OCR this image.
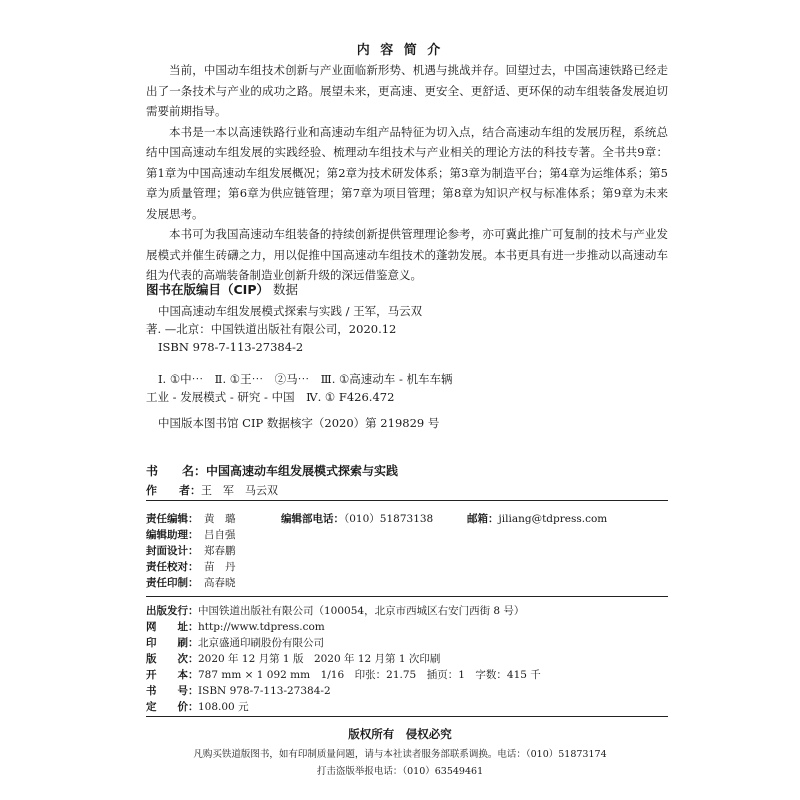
内 容 简 介

当前，中国动车组技术创新与产业面临新形势、机遇与挑战并存。回望过去，中国高速铁路已经走出了一条技术与产业的成功之路。展望未来，更高速、更安全、更舒适、更环保的动车组装备发展迫切需要前期指导。

本书是一本以高速铁路行业和高速动车组产品特征为切入点，结合高速动车组的发展历程，系统总结中国高速动车组发展的实践经验、梳理动车组技术与产业相关的理论方法的科技专著。全书共9章：第1章为中国高速动车组发展概况；第2章为技术研发体系；第3章为制造平台；第4章为运维体系；第5章为质量管理；第6章为供应链管理；第7章为项目管理；第8章为知识产权与标准体系；第9章为未来发展思考。

本书可为我国高速动车组装备的持续创新提供管理理论参考，亦可冀此推广可复制的技术与产业发展模式并催生砖礴之力，用以促推中国高速动车组技术的蓬勃发展。本书更具有进一步推动以高速动车组为代表的高端装备制造业创新升级的深远借鉴意义。

图书在版编目（CIP） 数据
中国高速动车组发展模式探索与实践 / 王军，马云双
著. —北京：中国铁道出版社有限公司，2020.12
ISBN 978-7-113-27384-2
Ⅰ. ①中⋯　Ⅱ. ①王⋯　②马⋯　Ⅲ. ①高速动车 - 机车车辆
工业 - 发展模式 - 研究 - 中国　Ⅳ. ① F426.472
中国版本图书馆 CIP 数据核字（2020）第 219829 号
书　　名：中国高速动车组发展模式探索与实践
作　　者：王　军　马云双
责任编辑： 黄　璐	编辑部电话：（010）51873138	邮箱：jiliang@tdpress.com
编辑助理： 吕自强
封面设计： 郑春鹏
责任校对： 苗　丹
责任印制： 高春晓
出版发行：中国铁道出版社有限公司（100054，北京市西城区右安门西街 8 号）
网　　址：http://www.tdpress.com
印　　刷：北京盛通印刷股份有限公司
版　　次：2020 年 12 月第 1 版　2020 年 12 月第 1 次印刷
开　　本：787 mm × 1 092 mm　1/16　印张：21.75　插页：1　字数：415 千
书　　号：ISBN 978-7-113-27384-2
定　　价：108.00 元
版权所有　侵权必究
凡购买铁道版图书，如有印制质量问题，请与本社读者服务部联系调换。电话：（010）51873174
打击盗版举报电话：（010）63549461
